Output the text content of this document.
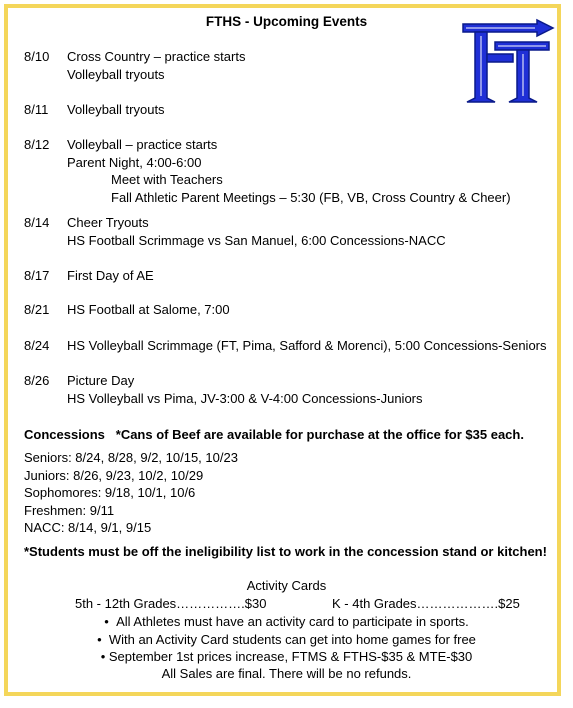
FTHS - Upcoming Events
8/10	Cross Country – practice starts
Volleyball tryouts
8/11	Volleyball tryouts
8/12	Volleyball – practice starts
Parent Night, 4:00-6:00
Meet with Teachers
Fall Athletic Parent Meetings – 5:30 (FB, VB, Cross Country & Cheer)
8/14	Cheer Tryouts
HS Football Scrimmage vs San Manuel, 6:00 Concessions-NACC
8/17	First Day of AE
8/21	HS Football at Salome, 7:00
8/24	HS Volleyball Scrimmage (FT, Pima, Safford & Morenci), 5:00 Concessions-Seniors
8/26	Picture Day
HS Volleyball vs Pima, JV-3:00 & V-4:00 Concessions-Juniors
Concessions   *Cans of Beef are available for purchase at the office for $35 each.
Seniors: 8/24, 8/28, 9/2, 10/15, 10/23
Juniors: 8/26, 9/23, 10/2, 10/29
Sophomores: 9/18, 10/1, 10/6
Freshmen: 9/11
NACC: 8/14, 9/1, 9/15
*Students must be off the ineligibility list to work in the concession stand or kitchen!
Activity Cards
5th - 12th Grades…………….$30	K - 4th Grades……………….$25
•  All Athletes must have an activity card to participate in sports.
•  With an Activity Card students can get into home games for free
• September 1st prices increase, FTMS & FTHS-$35 & MTE-$30
All Sales are final. There will be no refunds.
